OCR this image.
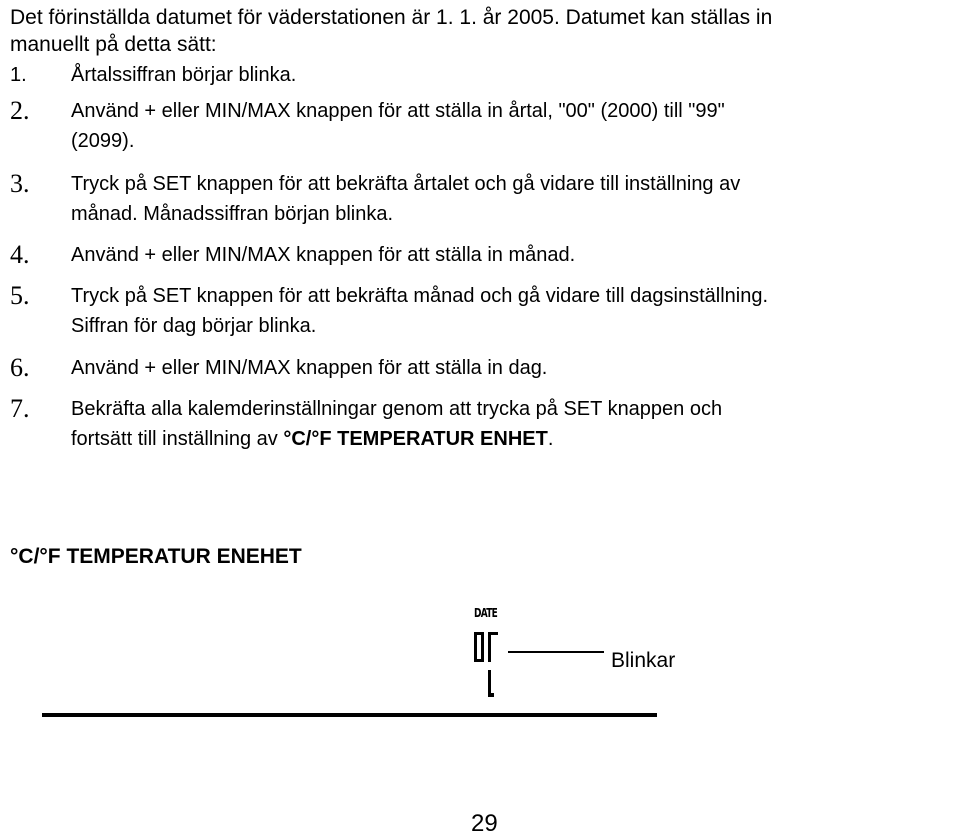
Det förinställda datumet för väderstationen är 1. 1. år 2005. Datumet kan ställas in
manuellt på detta sätt:
1. Årtalssiffran börjar blinka.
2. Använd + eller MIN/MAX knappen för att ställa in årtal, "00" (2000) till "99"
(2099).
3. Tryck på SET knappen för att bekräfta årtalet och gå vidare till inställning av
månad. Månadssiffran början blinka.
4. Använd + eller MIN/MAX knappen för att ställa in månad.
5. Tryck på SET knappen för att bekräfta månad och gå vidare till dagsinställning.
Siffran för dag börjar blinka.
6. Använd + eller MIN/MAX knappen för att ställa in dag.
7. Bekräfta alla kalemderinställningar genom att trycka på SET knappen och
fortsätt till inställning av °C/°F TEMPERATUR ENHET.
°C/°F TEMPERATUR ENEHET
DATE
Blinkar
29
